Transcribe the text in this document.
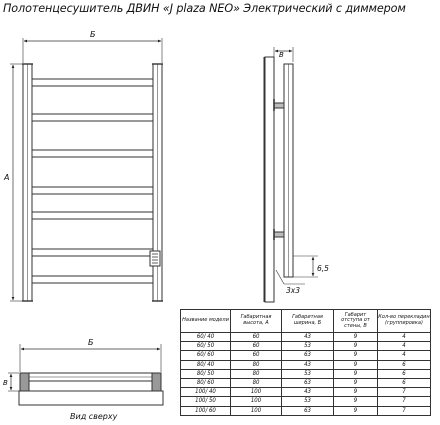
Полотенцесушитель ДВИН «J plaza NEO» Электрический с диммером
Б
А
В
6,5
3х3
Б
В
Вид сверху
Название модели	Габаритная высота, А	Габаритная ширина, Б	Габарит отступа от стены, В	Кол-во перекладин (группировка)
60/ 40	60	43	9	4
60/ 50	60	53	9	4
60/ 60	60	63	9	4
80/ 40	80	43	9	6
80/ 50	80	53	9	6
80/ 60	80	63	9	6
100/ 40	100	43	9	7
100/ 50	100	53	9	7
100/ 60	100	63	9	7
